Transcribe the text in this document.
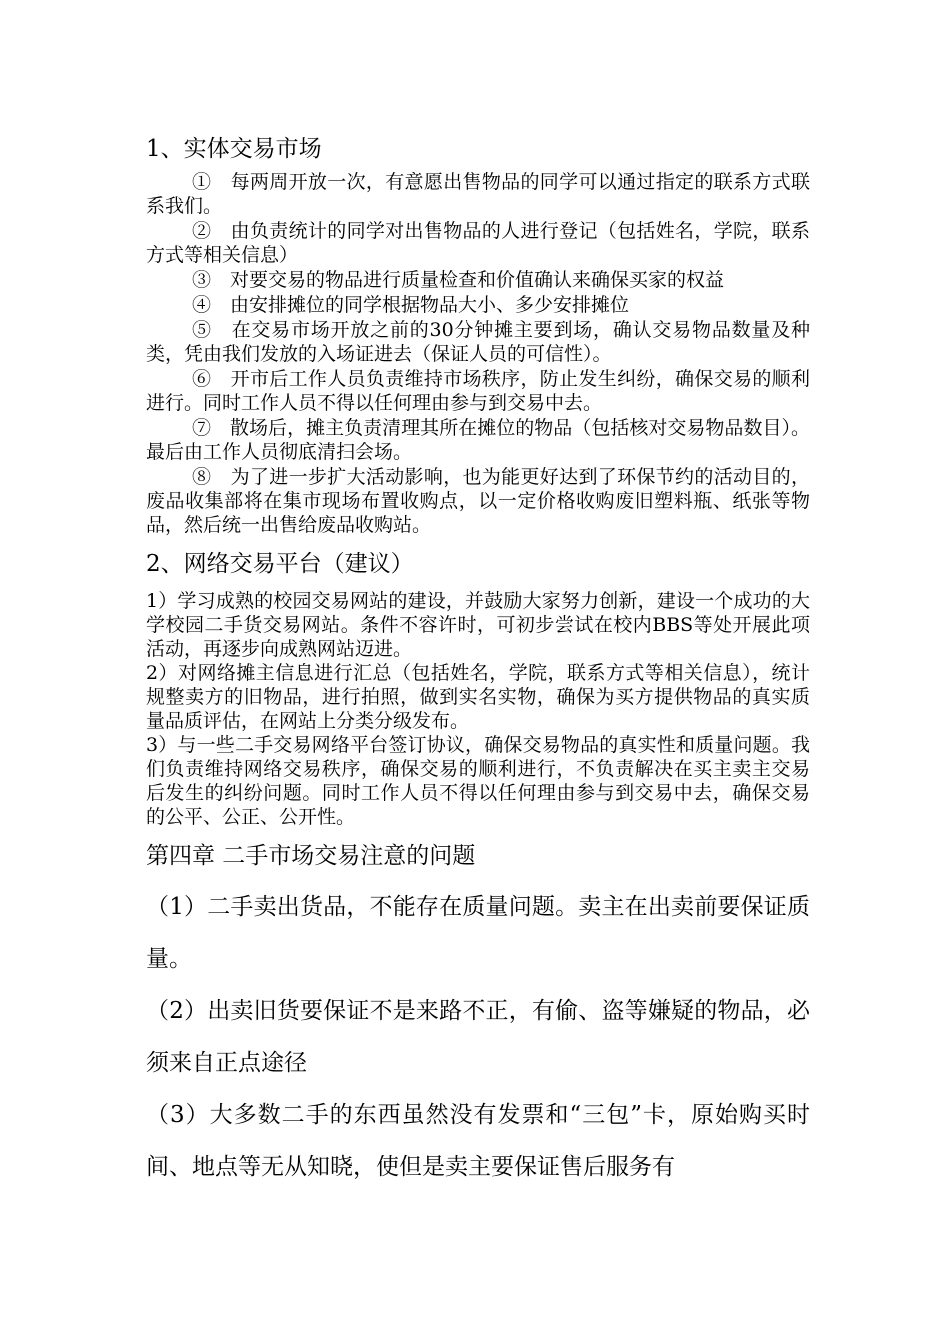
1、实体交易市场

①　每两周开放一次，有意愿出售物品的同学可以通过指定的联系方式联系我们。

②　由负责统计的同学对出售物品的人进行登记（包括姓名，学院，联系方式等相关信息）

③　对要交易的物品进行质量检查和价值确认来确保买家的权益

④　由安排摊位的同学根据物品大小、多少安排摊位

⑤　在交易市场开放之前的30分钟摊主要到场，确认交易物品数量及种类，凭由我们发放的入场证进去（保证人员的可信性）。

⑥　开市后工作人员负责维持市场秩序，防止发生纠纷，确保交易的顺利进行。同时工作人员不得以任何理由参与到交易中去。

⑦　散场后，摊主负责清理其所在摊位的物品（包括核对交易物品数目）。最后由工作人员彻底清扫会场。

⑧　为了进一步扩大活动影响，也为能更好达到了环保节约的活动目的，废品收集部将在集市现场布置收购点，以一定价格收购废旧塑料瓶、纸张等物品，然后统一出售给废品收购站。

2、网络交易平台（建议）

1）学习成熟的校园交易网站的建设，并鼓励大家努力创新，建设一个成功的大学校园二手货交易网站。条件不容许时，可初步尝试在校内BBS等处开展此项活动，再逐步向成熟网站迈进。

2）对网络摊主信息进行汇总（包括姓名，学院，联系方式等相关信息），统计规整卖方的旧物品，进行拍照，做到实名实物，确保为买方提供物品的真实质量品质评估，在网站上分类分级发布。

3）与一些二手交易网络平台签订协议，确保交易物品的真实性和质量问题。我们负责维持网络交易秩序，确保交易的顺利进行，不负责解决在买主卖主交易后发生的纠纷问题。同时工作人员不得以任何理由参与到交易中去，确保交易的公平、公正、公开性。

第四章 二手市场交易注意的问题

（1）二手卖出货品，不能存在质量问题。卖主在出卖前要保证质量。

（2）出卖旧货要保证不是来路不正，有偷、盗等嫌疑的物品，必须来自正点途径

（3）大多数二手的东西虽然没有发票和“三包”卡，原始购买时间、地点等无从知晓，使但是卖主要保证售后服务有
